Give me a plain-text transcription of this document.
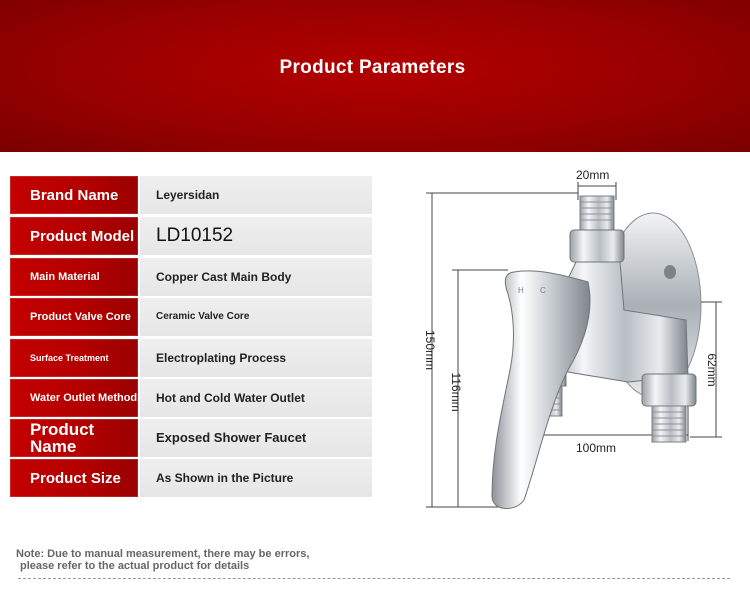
Product Parameters
Brand Name	Leyersidan
Product Model	LD10152
Main Material	Copper Cast Main Body
Product Valve Core	Ceramic Valve Core
Surface Treatment	Electroplating Process
Water Outlet Method	Hot and Cold Water Outlet
Product Name	Exposed Shower Faucet
Product Size	As Shown in the Picture
20mm
150mm
116mm
62mm
100mm
H C
Note: Due to manual measurement, there may be errors,
please refer to the actual product for details
